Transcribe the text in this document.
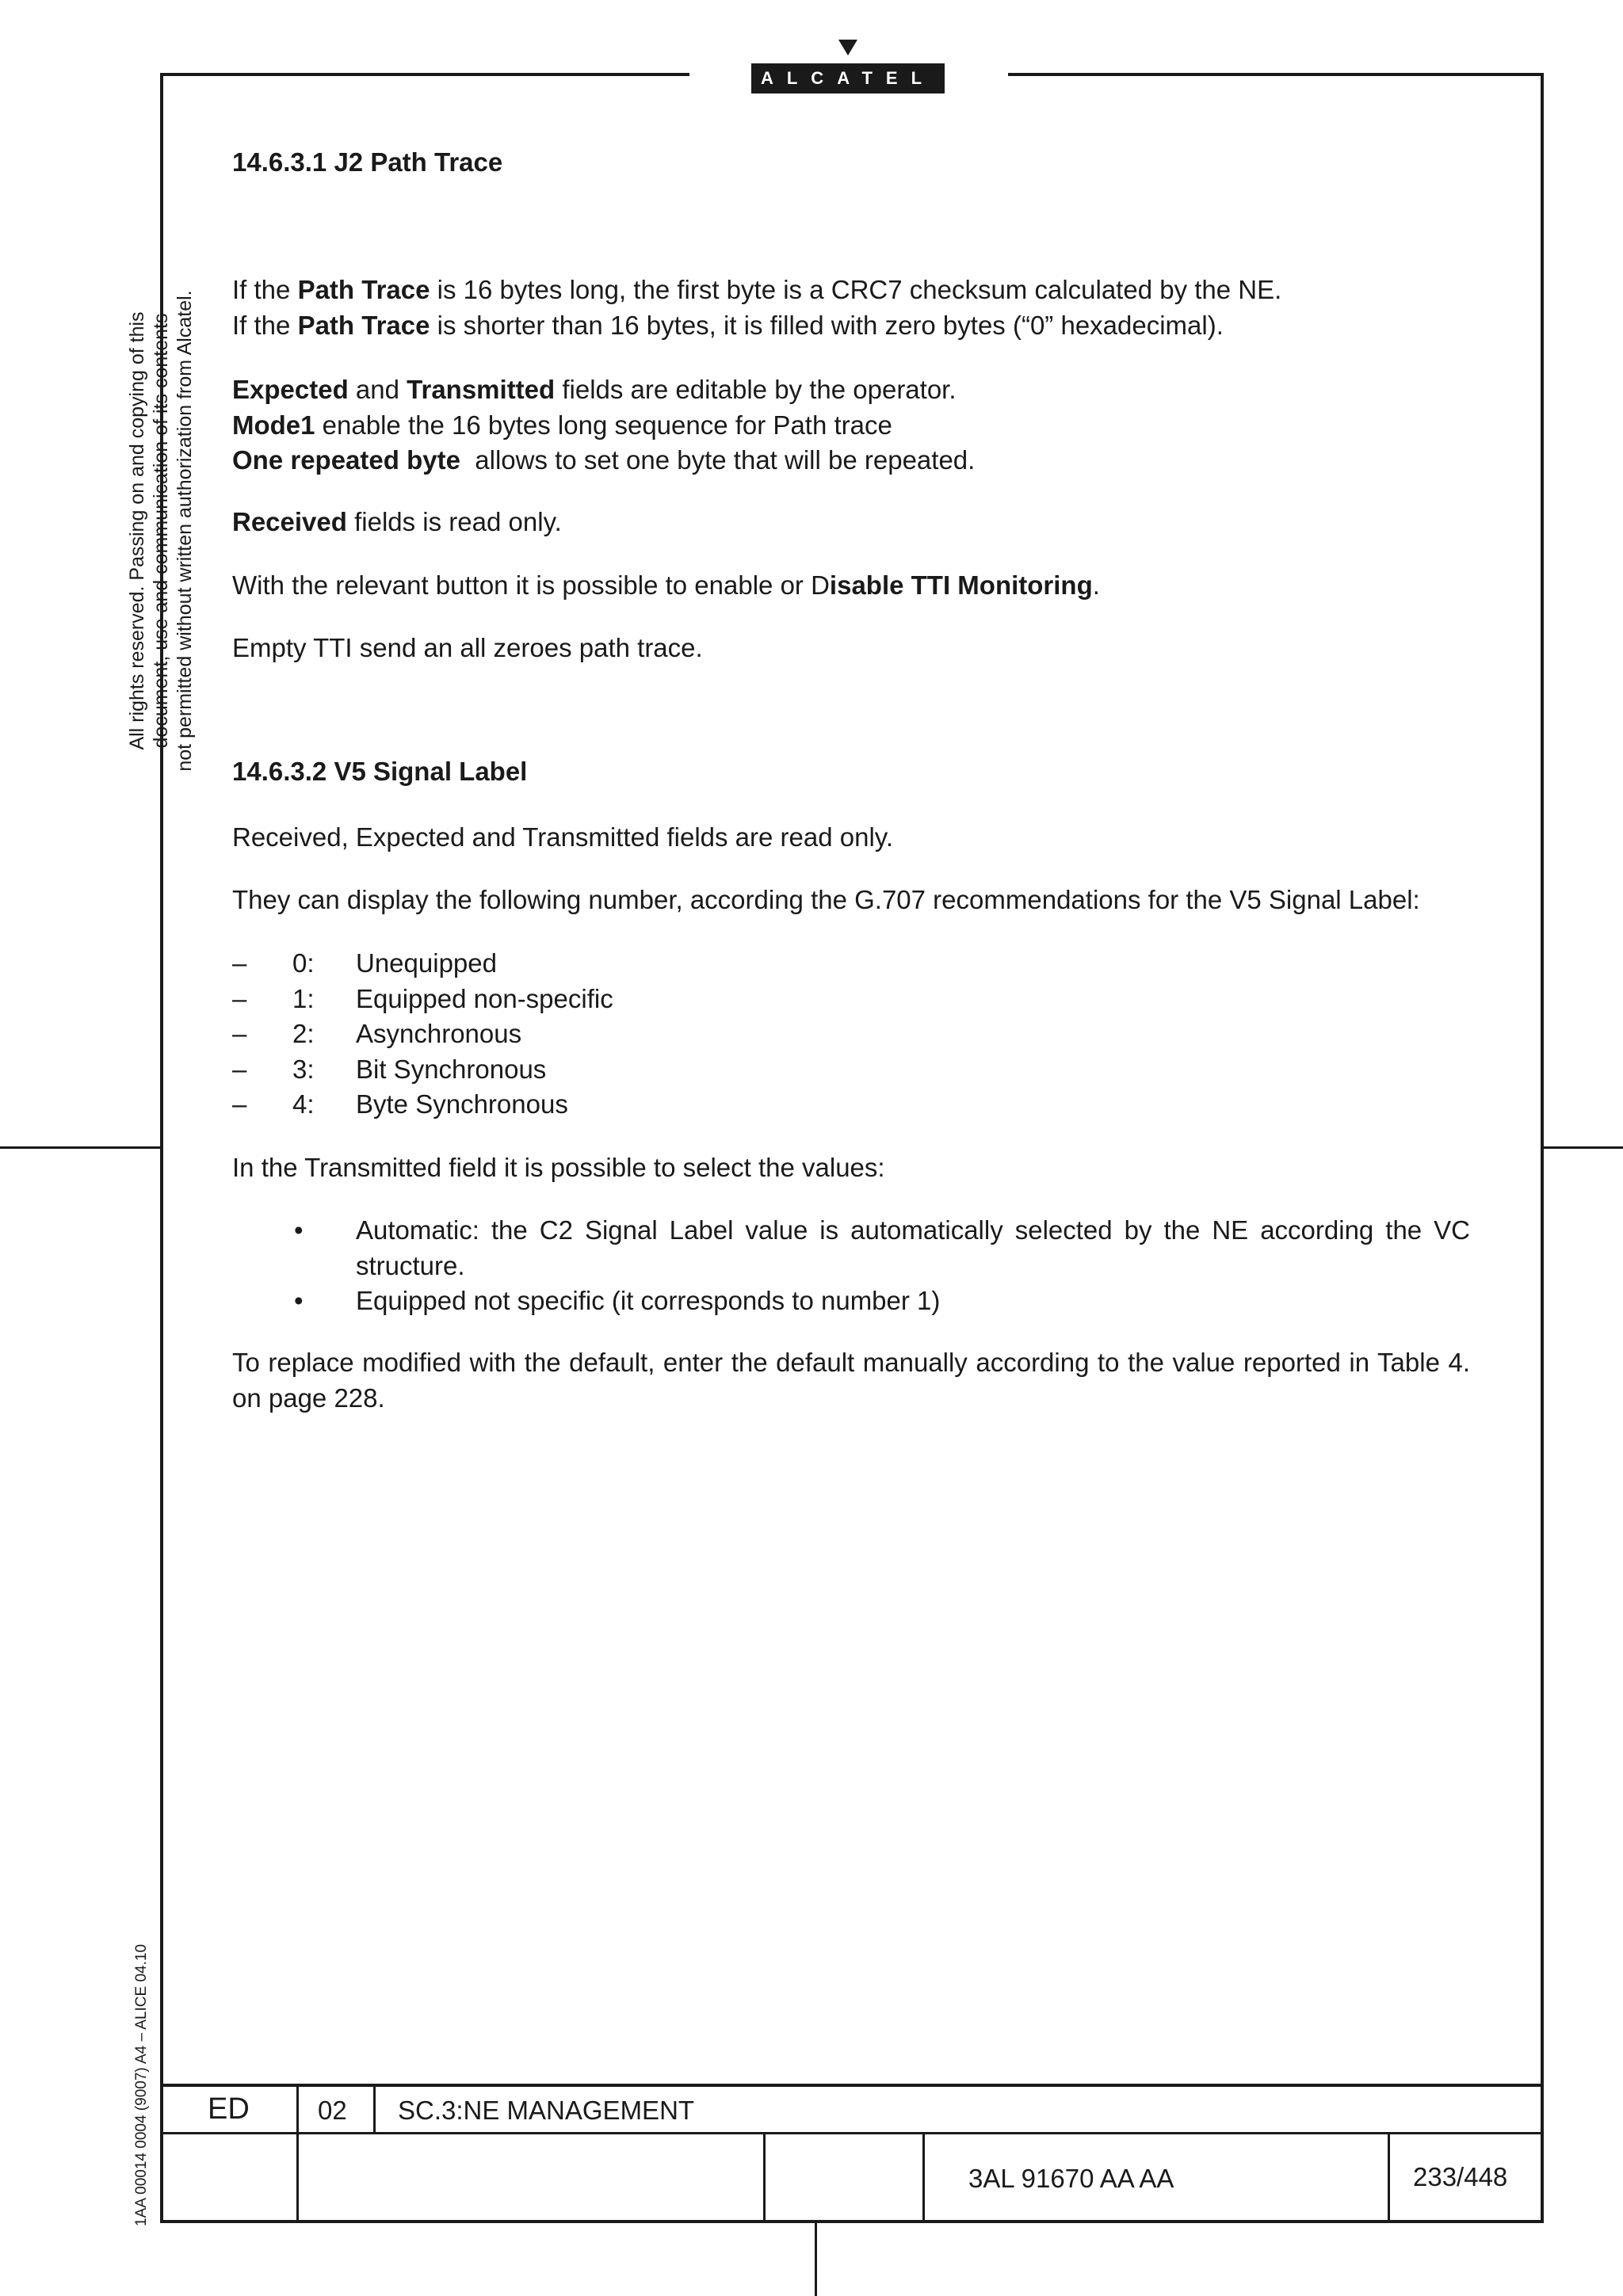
ALCATEL
All rights reserved. Passing on and copying of this document, use and communication of its contents not permitted without written authorization from Alcatel.
1AA 00014 0004 (9007) A4 – ALICE 04.10
14.6.3.1 J2 Path Trace

If the Path Trace is 16 bytes long, the first byte is a CRC7 checksum calculated by the NE.

If the Path Trace is shorter than 16 bytes, it is filled with zero bytes (“0” hexadecimal).

Expected and Transmitted fields are editable by the operator.

Mode1 enable the 16 bytes long sequence for Path trace

One repeated byte  allows to set one byte that will be repeated.

Received fields is read only.

With the relevant button it is possible to enable or Disable TTI Monitoring.

Empty TTI send an all zeroes path trace.

14.6.3.2 V5 Signal Label

Received, Expected and Transmitted fields are read only.

They can display the following number, according the G.707 recommendations for the V5 Signal Label:

– 0: Unequipped
– 1: Equipped non-specific
– 2: Asynchronous
– 3: Bit Synchronous
– 4: Byte Synchronous

In the Transmitted field it is possible to select the values:

• Automatic: the C2 Signal Label value is automatically selected by the NE according the VC structure.
• Equipped not specific (it corresponds to number 1)

To replace modified with the default, enter the default manually according to the value reported in Table 4. on page 228.

ED	02 SC.3:NE MANAGEMENT
3AL 91670 AA AA	233/448
